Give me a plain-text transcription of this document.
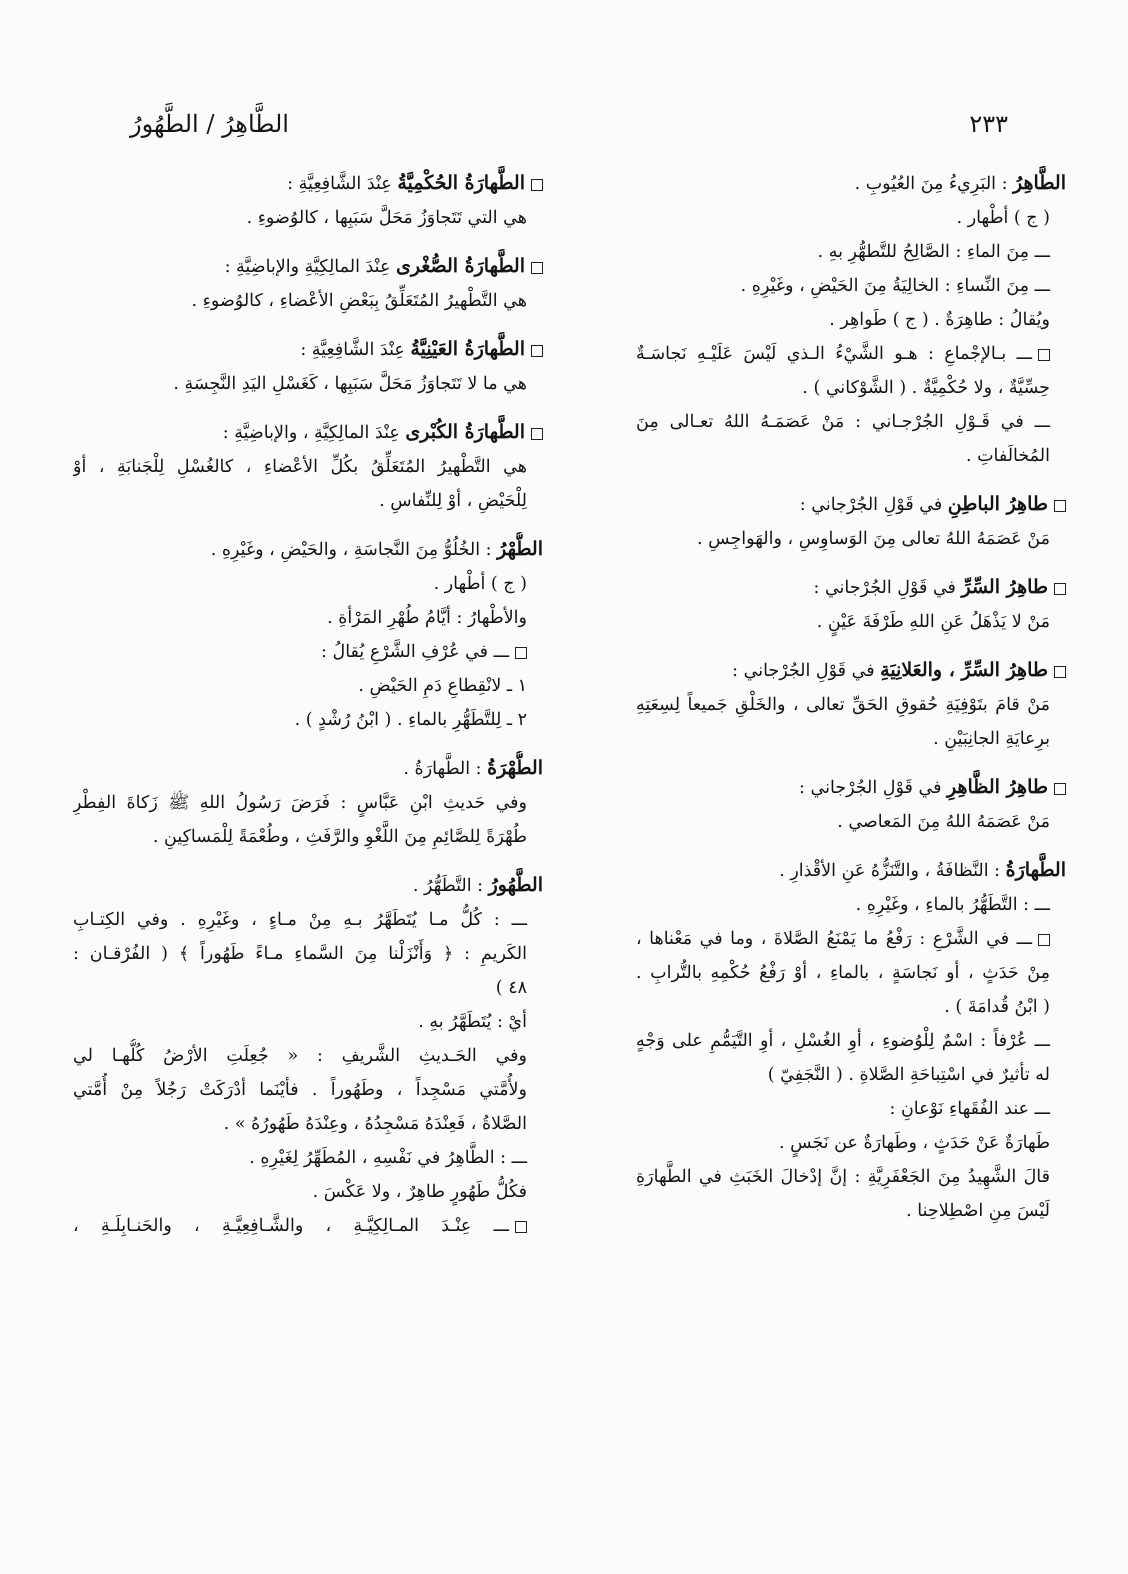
٢٣٣
الطَّاهِرُ / الطَّهُورُ
الطَّاهِرُ : البَرِيءُ مِنَ العُيُوبِ .
( ج ) أطْهار .
ـــ مِنَ الماءِ : الصَّالِحُ للتَّطهُّرِ بهِ .
ـــ مِنَ النِّساءِ : الخالِيَةُ مِنَ الحَيْضِ ، وغَيْرِهِ .
ويُقالُ : طاهِرَةٌ . ( ج ) طَواهِر .
ـــ بـالإجْماعِ : هـو الشَّيْءُ الـذي لَيْسَ عَلَيْـهِ نَجاسَـةٌ
حِسِّيَّةٌ ، ولا حُكْمِيَّةٌ . ( الشَّوْكاني ) .
ـــ في قَـوْلِ الجُرْجـاني : مَنْ عَصَمَـهُ اللهُ تعـالى مِنَ
المُخالَفاتِ .
طاهِرُ الباطِنِ في قَوْلِ الجُرْجاني :
مَنْ عَصَمَهُ اللهُ تعالى مِنَ الوَساوِسِ ، والهَواجِسِ .
طاهِرُ السِّرِّ في قَوْلِ الجُرْجاني :
مَنْ لا يَذْهَلُ عَنِ اللهِ طَرْفَةَ عَيْنٍ .
طاهِرُ السِّرِّ ، والعَلانِيَةِ في قَوْلِ الجُرْجاني :
مَنْ قامَ بتَوْفِيَةِ حُقوقِ الحَقِّ تعالى ، والخَلْقِ جَميعاً لِسِعَتِهِ
برِعايَةِ الجانِبَيْنِ .
طاهِرُ الظَّاهِرِ في قَوْلِ الجُرْجاني :
مَنْ عَصَمَهُ اللهُ مِنَ المَعاصي .
الطَّهارَةُ : النَّظافَةُ ، والتَّنَزُّهُ عَنِ الأقْذارِ .
ـــ : التَّطَهُّرُ بالماءِ ، وغَيْرِهِ .
ـــ في الشَّرْعِ : رَفْعُ ما يَمْنَعُ الصَّلاةَ ، وما في مَعْناها ،
مِنْ حَدَثٍ ، أو نَجاسَةٍ ، بالماءِ ، أوْ رَفْعُ حُكْمِهِ بالتُّرابِ .
( ابْنُ قُدامَةَ ) .
ـــ عُرْفاً : اسْمٌ لِلْوُضوءِ ، أوِ الغُسْلِ ، أوِ التَّيَمُّمِ على وَجْهٍ
له تأثيرٌ في اسْتِباحَةِ الصَّلاةِ . ( النَّجَفِيّ )
ـــ عند الفُقَهاءِ نَوْعانِ :
طَهارَةٌ عَنْ حَدَثٍ ، وطَهارَةٌ عن نَجَسٍ .
قالَ الشَّهِيدُ مِنَ الجَعْفَرِيَّةِ : إنَّ إدْخالَ الخَبَثِ في الطَّهارَةِ
لَيْسَ مِنِ اصْطِلاحِنا .
الطَّهارَةُ الحُكْمِيَّةُ عِنْدَ الشَّافِعِيَّةِ :
هي التي تَتَجاوَزُ مَحَلَّ سَبَبِها ، كالوُضوءِ .
الطَّهارَةُ الصُّغْرى عِنْدَ المالِكِيَّةِ والإباضِيَّةِ :
هي التَّطْهيرُ المُتَعَلِّقُ بِبَعْضِ الأعْضاءِ ، كالوُضوءِ .
الطَّهارَةُ العَيْنِيَّةُ عِنْدَ الشَّافِعِيَّةِ :
هي ما لا تَتَجاوَزُ مَحَلَّ سَبَبِها ، كَغَسْلِ اليَدِ النَّجِسَةِ .
الطَّهارَةُ الكُبْرى عِنْدَ المالِكِيَّةِ ، والإباضِيَّةِ :
هي التَّطْهيرُ المُتَعَلِّقُ بكُلِّ الأعْضاءِ ، كالغُسْلِ لِلْجَنابَةِ ، أوْ
لِلْحَيْضِ ، أوْ لِلنِّفاسِ .
الطُّهْرُ : الخُلُوُّ مِنَ النَّجاسَةِ ، والحَيْضِ ، وغَيْرِهِ .
( ج ) أطْهار .
والأطْهارُ : أيَّامُ طُهْرِ المَرْأةِ .
ـــ في عُرْفِ الشَّرْعِ يُقالُ :
١ ـ لانْقِطاعِ دَمِ الحَيْضِ .
٢ ـ لِلتَّطَهُّرِ بالماءِ . ( ابْنُ رُشْدٍ ) .
الطُّهْرَةُ : الطَّهارَةُ .
وفي حَديثِ ابْنِ عَبَّاسٍ : فَرَضَ رَسُولُ اللهِ ﷺ زَكاةَ الفِطْرِ
طُهْرَةً لِلصَّائِمِ مِنَ اللَّغْوِ والرَّفَثِ ، وطُعْمَةً لِلْمَساكِينِ .
الطَّهُورُ : التَّطَهُّرُ .
ـــ : كُلُّ مـا يُتَطَهَّرُ بـهِ مِنْ مـاءٍ ، وغَيْرِهِ . وفي الكِتـابِ
الكَريمِ : ﴿ وَأَنْزَلْنا مِنَ السَّماءِ مـاءً طَهُوراً ﴾ ( الفُرْقـان :
٤٨ )
أيْ : يُتَطَهَّرُ بهِ .
وفي الحَـديثِ الشَّريفِ : « جُعِلَتِ الأرْضُ كُلُّهـا لي
ولأُمَّتي مَسْجِداً ، وطَهُوراً . فأيْنَما أدْرَكَتْ رَجُلاً مِنْ أُمَّتي
الصَّلاةُ ، فَعِنْدَهُ مَسْجِدُهُ ، وعِنْدَهُ طَهُورُهُ » .
ـــ : الطَّاهِرُ في نَفْسِهِ ، المُطَهِّرُ لِغَيْرِهِ .
فكُلُّ طَهُورٍ طاهِرٌ ، ولا عَكْسَ .
ـــ عِنْـدَ المـالِكِيَّـةِ ، والشَّـافِعِيَّـةِ ، والحَنـابِلَـةِ ،
